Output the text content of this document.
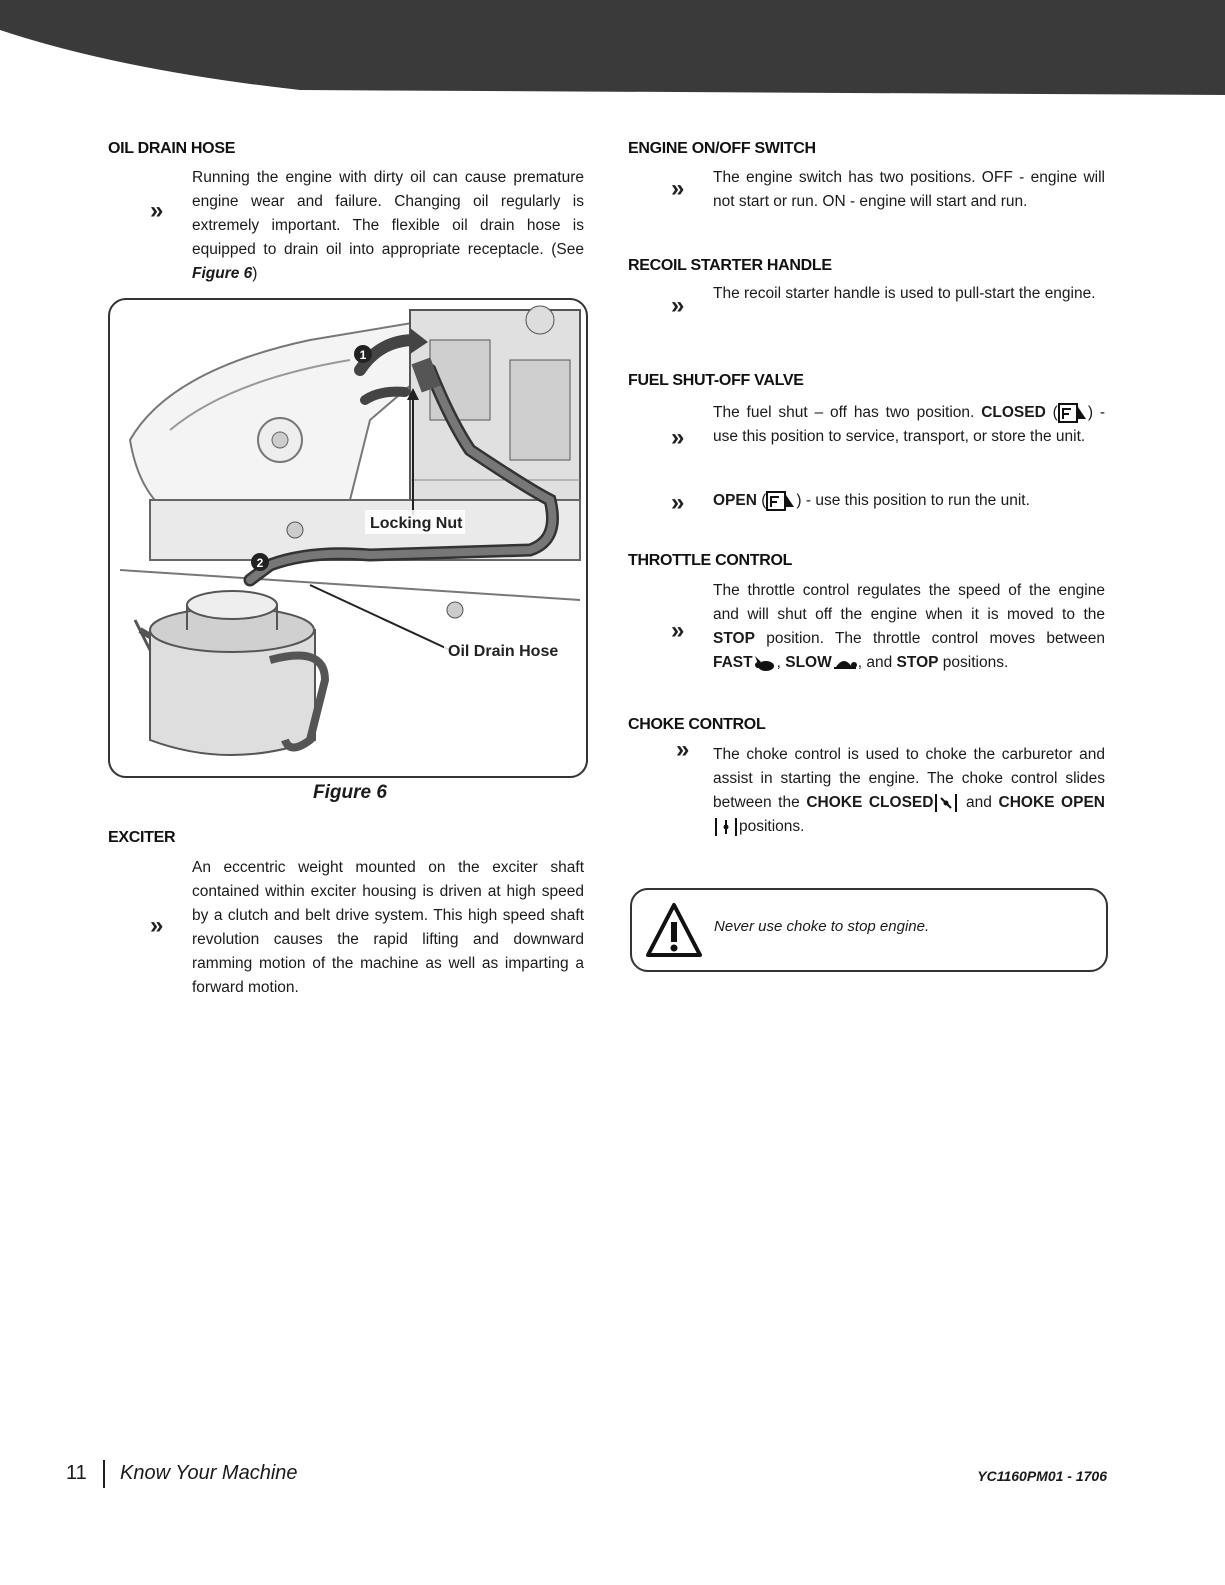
OIL DRAIN HOSE
»
Running the engine with dirty oil can cause premature engine wear and failure. Changing oil regularly is extremely important. The flexible oil drain hose is equipped to drain oil into appropriate receptacle. (See Figure 6)
1
2
Locking Nut
Oil Drain Hose
Figure 6
EXCITER
»
An eccentric weight mounted on the exciter shaft contained within exciter housing is driven at high speed by a clutch and belt drive system. This high speed shaft revolution causes the rapid lifting and downward ramming motion of the machine as well as imparting a forward motion.
ENGINE ON/OFF SWITCH
» The engine switch has two positions. OFF - engine will not start or run. ON - engine will start and run.
RECOIL STARTER HANDLE
» The recoil starter handle is used to pull-start the engine.
FUEL SHUT-OFF VALVE
»
The fuel shut – off has two position. CLOSED ( ) - use this position to service, transport, or store the unit.
» OPEN ( ) - use this position to run the unit.
THROTTLE CONTROL
»
The throttle control regulates the speed of the engine and will shut off the engine when it is moved to the STOP position. The throttle control moves between FAST , SLOW , and STOP positions.
CHOKE CONTROL
» The choke control is used to choke the carburetor and assist in starting the engine. The choke control slides between the CHOKE CLOSED and CHOKE OPEN positions.
Never use choke to stop engine.
11 Know Your Machine	YC1160PM01 - 1706
